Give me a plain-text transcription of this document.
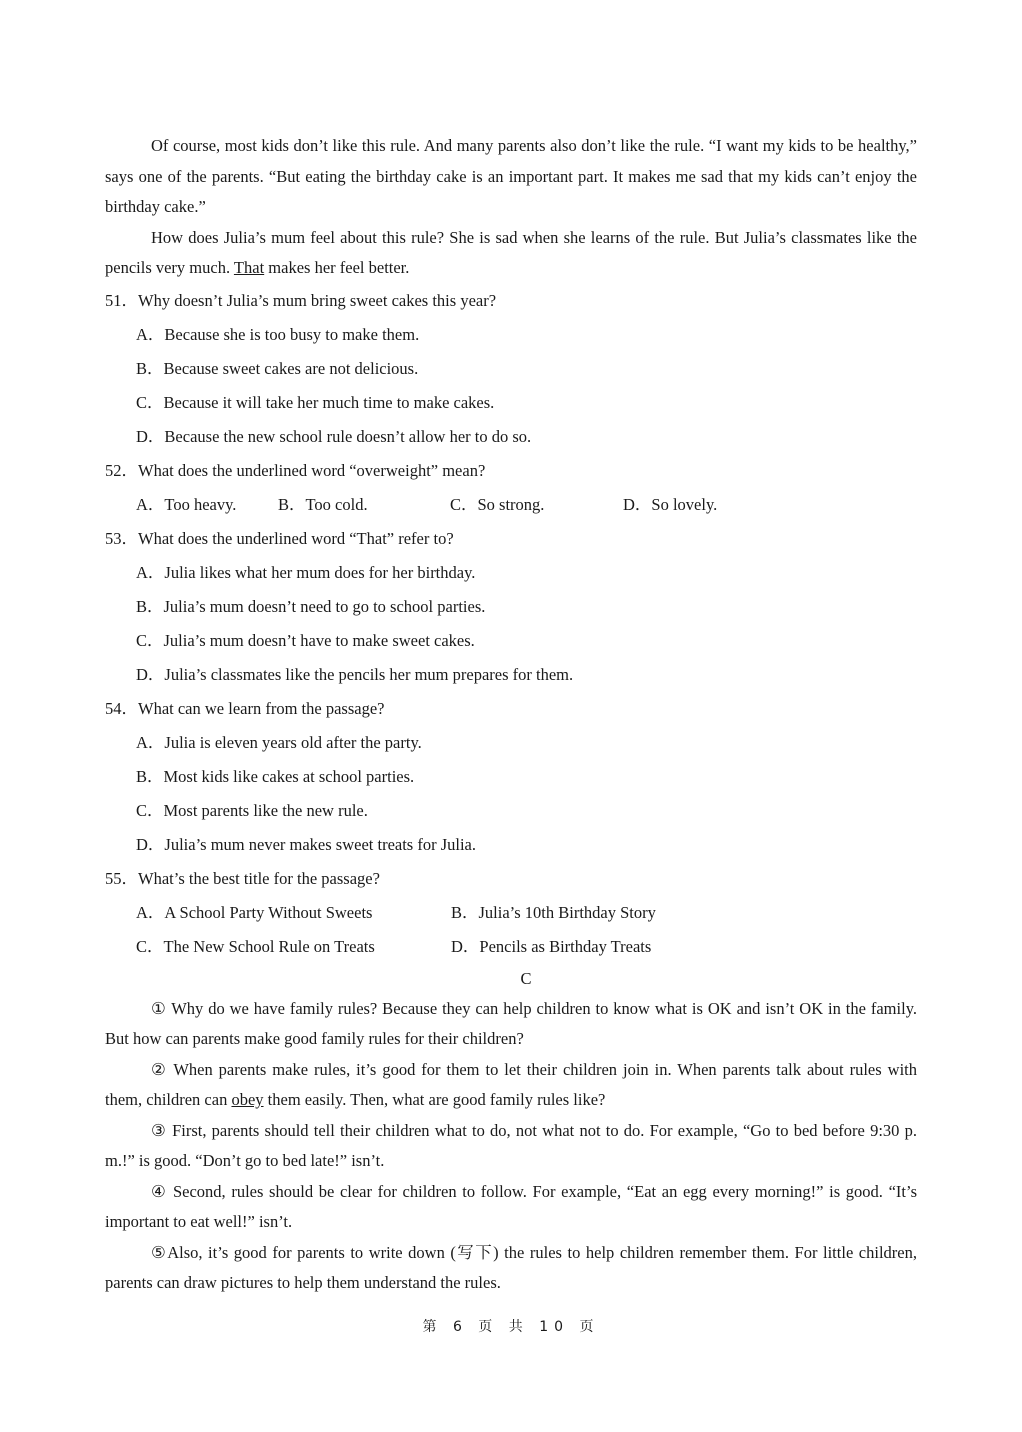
Of course, most kids don’t like this rule. And many parents also don’t like the rule. “I want my kids to be healthy,” says one of the parents. “But eating the birthday cake is an important part. It makes me sad that my kids can’t enjoy the birthday cake.”

How does Julia’s mum feel about this rule? She is sad when she learns of the rule. But Julia’s classmates like the pencils very much. That makes her feel better.

51．Why doesn’t Julia’s mum bring sweet cakes this year?

A．Because she is too busy to make them.

B．Because sweet cakes are not delicious.

C．Because it will take her much time to make cakes.

D．Because the new school rule doesn’t allow her to do so.

52．What does the underlined word “overweight” mean?

A．Too heavy.	B．Too cold.	C．So strong.	D．So lovely.

53．What does the underlined word “That” refer to?

A．Julia likes what her mum does for her birthday.

B．Julia’s mum doesn’t need to go to school parties.

C．Julia’s mum doesn’t have to make sweet cakes.

D．Julia’s classmates like the pencils her mum prepares for them.

54．What can we learn from the passage?

A．Julia is eleven years old after the party.

B．Most kids like cakes at school parties.

C．Most parents like the new rule.

D．Julia’s mum never makes sweet treats for Julia.

55．What’s the best title for the passage?

A．A School Party Without Sweets	B．Julia’s 10th Birthday Story
C．The New School Rule on Treats	D．Pencils as Birthday Treats

C

① Why do we have family rules? Because they can help children to know what is OK and isn’t OK in the family. But how can parents make good family rules for their children?

② When parents make rules, it’s good for them to let their children join in. When parents talk about rules with them, children can obey them easily. Then, what are good family rules like?

③ First, parents should tell their children what to do, not what not to do. For example, “Go to bed before 9:30 p. m.!” is good. “Don’t go to bed late!” isn’t.

④ Second, rules should be clear for children to follow. For example, “Eat an egg every morning!” is good. “It’s important to eat well!” isn’t.

⑤Also, it’s good for parents to write down (写下) the rules to help children remember them. For little children, parents can draw pictures to help them understand the rules.

第 6 页 共 10 页
